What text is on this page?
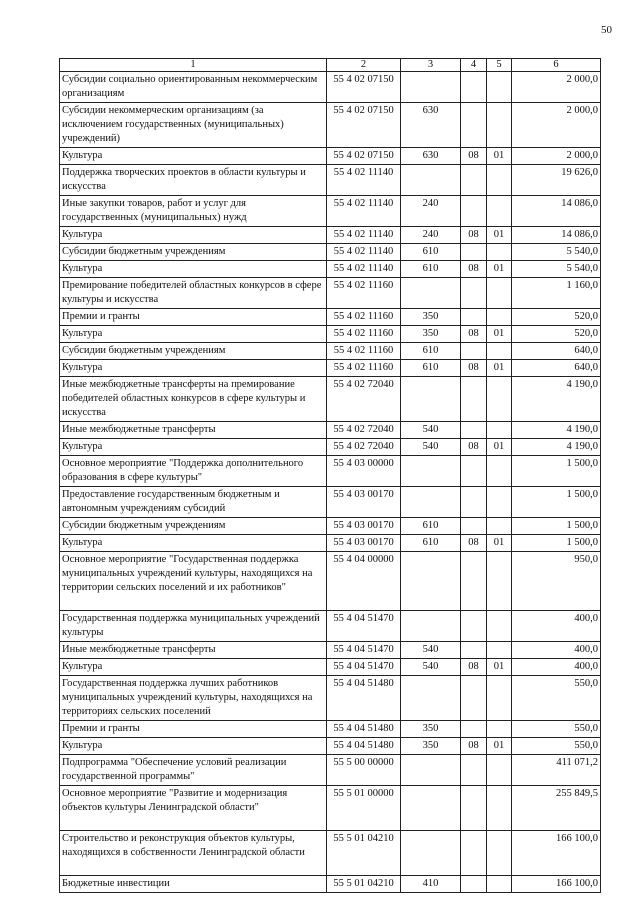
50
1	2	3	4	5	6
Субсидии социально ориентированным некоммерческим организациям	55 4 02 07150				2 000,0
Субсидии некоммерческим организациям (за исключением государственных (муниципальных) учреждений)	55 4 02 07150	630			2 000,0
Культура	55 4 02 07150	630	08	01	2 000,0
Поддержка творческих проектов в области культуры и искусства	55 4 02 11140				19 626,0
Иные закупки товаров, работ и услуг для государственных (муниципальных) нужд	55 4 02 11140	240			14 086,0
Культура	55 4 02 11140	240	08	01	14 086,0
Субсидии бюджетным учреждениям	55 4 02 11140	610			5 540,0
Культура	55 4 02 11140	610	08	01	5 540,0
Премирование победителей областных конкурсов в сфере культуры и искусства	55 4 02 11160				1 160,0
Премии и гранты	55 4 02 11160	350			520,0
Культура	55 4 02 11160	350	08	01	520,0
Субсидии бюджетным учреждениям	55 4 02 11160	610			640,0
Культура	55 4 02 11160	610	08	01	640,0
Иные межбюджетные трансферты на премирование победителей областных конкурсов в сфере культуры и искусства	55 4 02 72040				4 190,0
Иные межбюджетные трансферты	55 4 02 72040	540			4 190,0
Культура	55 4 02 72040	540	08	01	4 190,0
Основное мероприятие "Поддержка дополнительного образования в сфере культуры"	55 4 03 00000				1 500,0
Предоставление государственным бюджетным и автономным учреждениям субсидий	55 4 03 00170				1 500,0
Субсидии бюджетным учреждениям	55 4 03 00170	610			1 500,0
Культура	55 4 03 00170	610	08	01	1 500,0
Основное мероприятие "Государственная поддержка муниципальных учреждений культуры, находящихся на территории сельских поселений и их работников"	55 4 04 00000				950,0
Государственная поддержка муниципальных учреждений культуры	55 4 04 51470				400,0
Иные межбюджетные трансферты	55 4 04 51470	540			400,0
Культура	55 4 04 51470	540	08	01	400,0
Государственная поддержка лучших работников муниципальных учреждений культуры, находящихся на территориях сельских поселений	55 4 04 51480				550,0
Премии и гранты	55 4 04 51480	350			550,0
Культура	55 4 04 51480	350	08	01	550,0
Подпрограмма "Обеспечение условий реализации государственной программы"	55 5 00 00000				411 071,2
Основное мероприятие "Развитие и модернизация объектов культуры Ленинградской области"	55 5 01 00000				255 849,5
Строительство и реконструкция объектов культуры, находящихся в собственности Ленинградской области	55 5 01 04210				166 100,0
Бюджетные инвестиции	55 5 01 04210	410			166 100,0
